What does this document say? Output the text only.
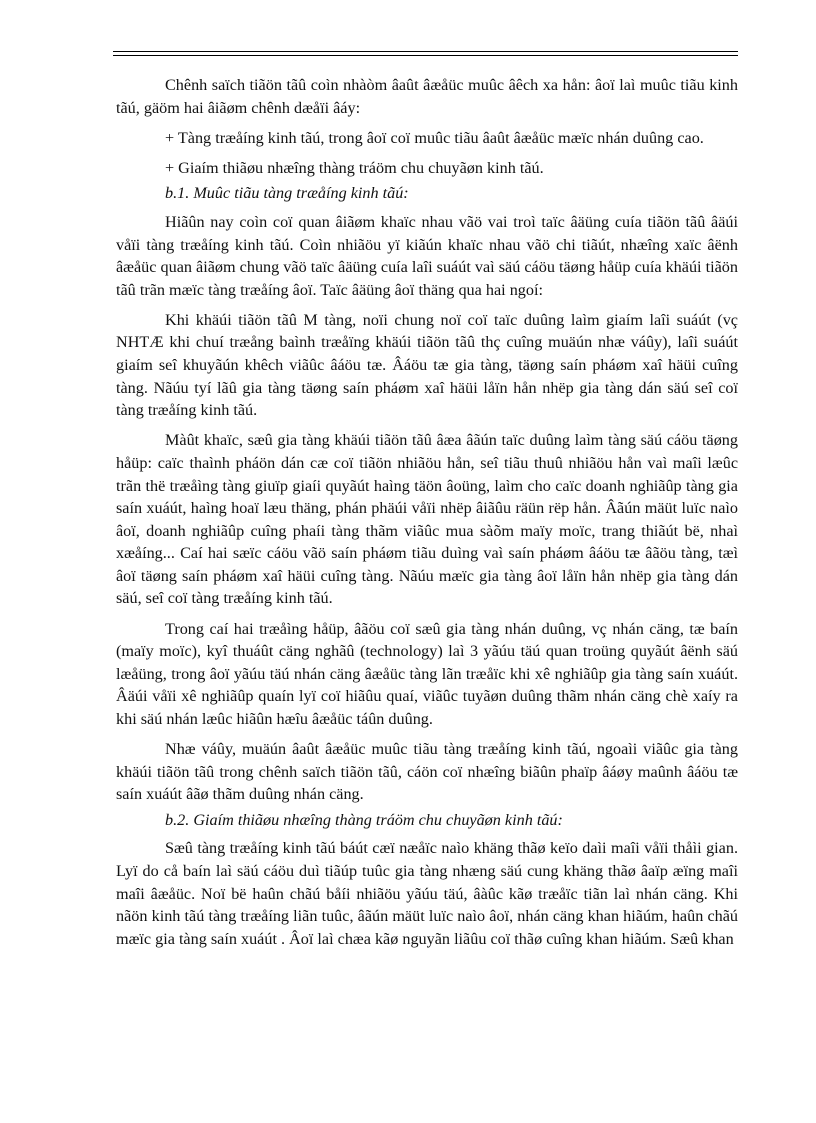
Chênh saïch tiãön tãû coìn nhàòm âaût âæåüc muûc âêch xa hån: âoï laì muûc tiãu kinh tãú, gäöm hai âiãøm chênh dæåïi âáy:

+ Tàng træåíng kinh tãú, trong âoï coï muûc tiãu âaût âæåüc mæïc nhán duûng cao.

+ Giaím thiãøu nhæîng thàng tráöm chu chuyãøn kinh tãú.

b.1. Muûc tiãu tàng træåíng kinh tãú:

Hiãûn nay coìn coï quan âiãøm khaïc nhau vãö vai troì taïc âäüng cuía tiãön tãû âäúi våïi tàng træåíng kinh tãú. Coìn nhiãöu yï kiãún khaïc nhau vãö chi tiãút, nhæîng xaïc âënh âæåüc quan âiãøm chung vãö taïc âäüng cuía laîi suáút vaì säú cáöu täøng håüp cuía khäúi tiãön tãû trãn mæïc tàng træåíng âoï. Taïc âäüng âoï thäng qua hai ngoí:

Khi khäúi tiãön tãû M tàng, noïi chung noï coï taïc duûng laìm giaím laîi suáút (vç NHTÆ khi chuí træång baình træåïng khäúi tiãön tãû thç cuîng muäún nhæ váûy), laîi suáút giaím seî khuyãún khêch viãûc âáöu tæ. Âáöu tæ gia tàng, täøng saín pháøm xaî häüi cuîng tàng. Nãúu tyí lãû gia tàng täøng saín pháøm xaî häüi låïn hån nhëp gia tàng dán säú seî coï tàng træåíng kinh tãú.

Màût khaïc, sæû gia tàng khäúi tiãön tãû âæa âãún taïc duûng laìm tàng säú cáöu täøng håüp: caïc thaình pháön dán cæ coï tiãön nhiãöu hån, seî tiãu thuû nhiãöu hån vaì maîi læûc trãn thë træåìng tàng giuïp giaíi quyãút haìng täön âoüng, laìm cho caïc doanh nghiãûp tàng gia saín xuáút, haìng hoaï læu thäng, phán phäúi våïi nhëp âiãûu räün rëp hån. Âãún mäüt luïc naìo âoï, doanh nghiãûp cuîng phaíi tàng thãm viãûc mua sàõm maïy moïc, trang thiãút bë, nhaì xæåíng... Caí hai sæïc cáöu vãö saín pháøm tiãu duìng vaì saín pháøm âáöu tæ âãöu tàng, tæì âoï täøng saín pháøm xaî häüi cuîng tàng. Nãúu mæïc gia tàng âoï låïn hån nhëp gia tàng dán säú, seî coï tàng træåíng kinh tãú.

Trong caí hai træåìng håüp, âãöu coï sæû gia tàng nhán duûng, vç nhán cäng, tæ baín (maïy moïc), kyî thuáût cäng nghãû (technology) laì 3 yãúu täú quan troüng quyãút âënh säú læåüng, trong âoï yãúu täú nhán cäng âæåüc tàng lãn træåïc khi xê nghiãûp gia tàng saín xuáút. Âäúi våïi xê nghiãûp quaín lyï coï hiãûu quaí, viãûc tuyãøn duûng thãm nhán cäng chè xaíy ra khi säú nhán læûc hiãûn hæîu âæåüc táûn duûng.

Nhæ váûy, muäún âaût âæåüc muûc tiãu tàng træåíng kinh tãú, ngoaìi viãûc gia tàng khäúi tiãön tãû trong chênh saïch tiãön tãû, cáön coï nhæîng biãûn phaïp âáøy maûnh âáöu tæ saín xuáút âãø thãm duûng nhán cäng.

b.2. Giaím thiãøu nhæîng thàng tráöm chu chuyãøn kinh tãú:

Sæû tàng træåíng kinh tãú báút cæï næåïc naìo khäng thãø keïo daìi maîi våïi thåìi gian. Lyï do cå baín laì säú cáöu duì tiãúp tuûc gia tàng nhæng säú cung khäng thãø âaïp æïng maîi maîi âæåüc. Noï bë haûn chãú båíi nhiãöu yãúu täú, âàûc kãø træåïc tiãn laì nhán cäng. Khi nãön kinh tãú tàng træåíng liãn tuûc, âãún mäüt luïc naìo âoï, nhán cäng khan hiãúm, haûn chãú mæïc gia tàng saín xuáút . Âoï laì chæa kãø nguyãn liãûu coï thãø cuîng khan hiãúm. Sæû khan
